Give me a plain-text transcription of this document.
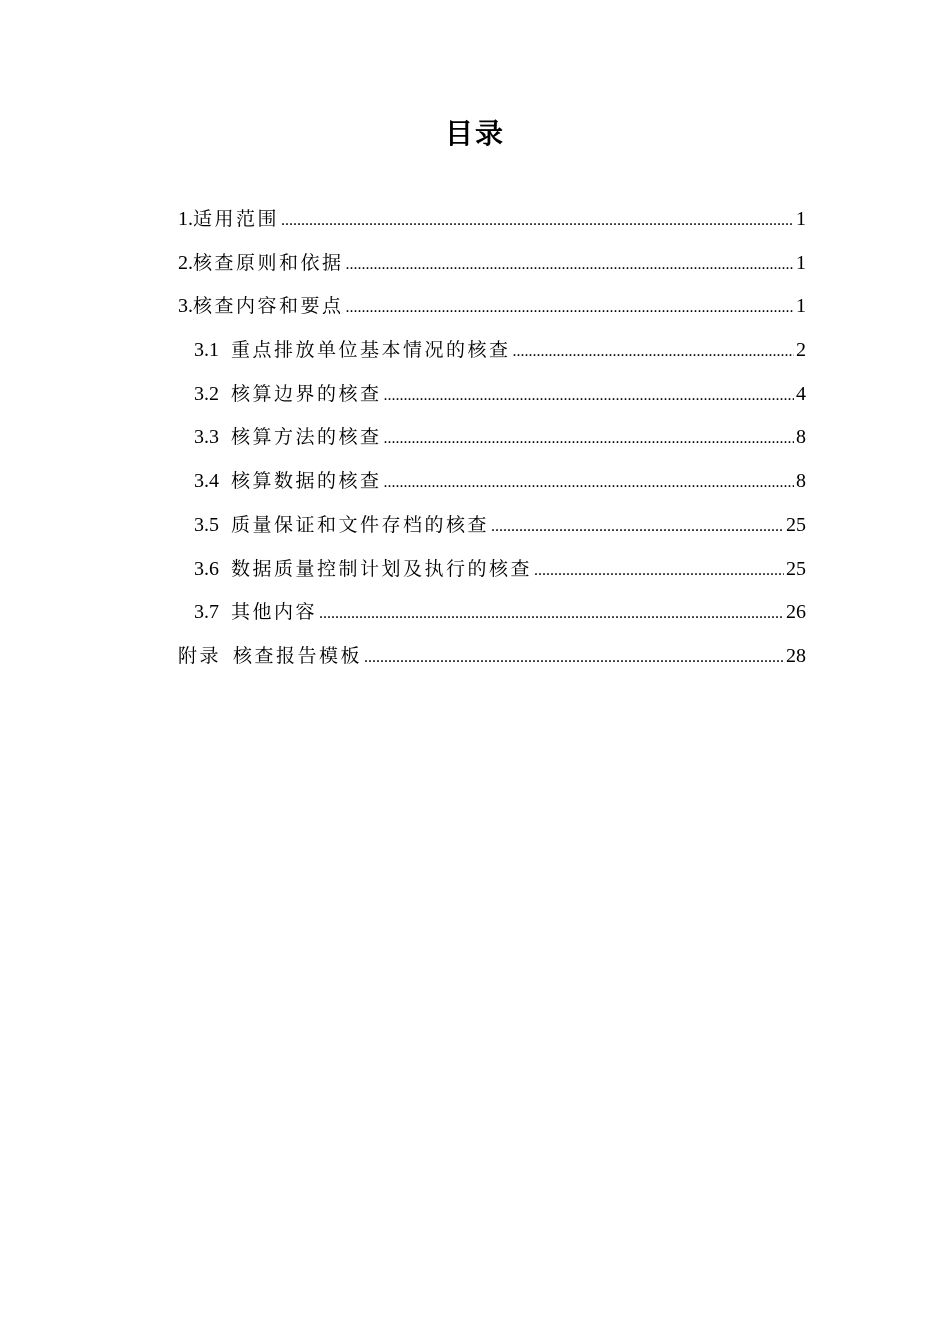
目录
1. 适用范围 .....	1
2. 核查原则和依据 .....	1
3. 核查内容和要点 .....	1
3.1 重点排放单位基本情况的核查 .....	2
3.2 核算边界的核查 .....	4
3.3 核算方法的核查 .....	8
3.4 核算数据的核查 .....	8
3.5 质量保证和文件存档的核查 .....	25
3.6 数据质量控制计划及执行的核查 .....	25
3.7 其他内容 .....	26
附录 核查报告模板 .....	28
